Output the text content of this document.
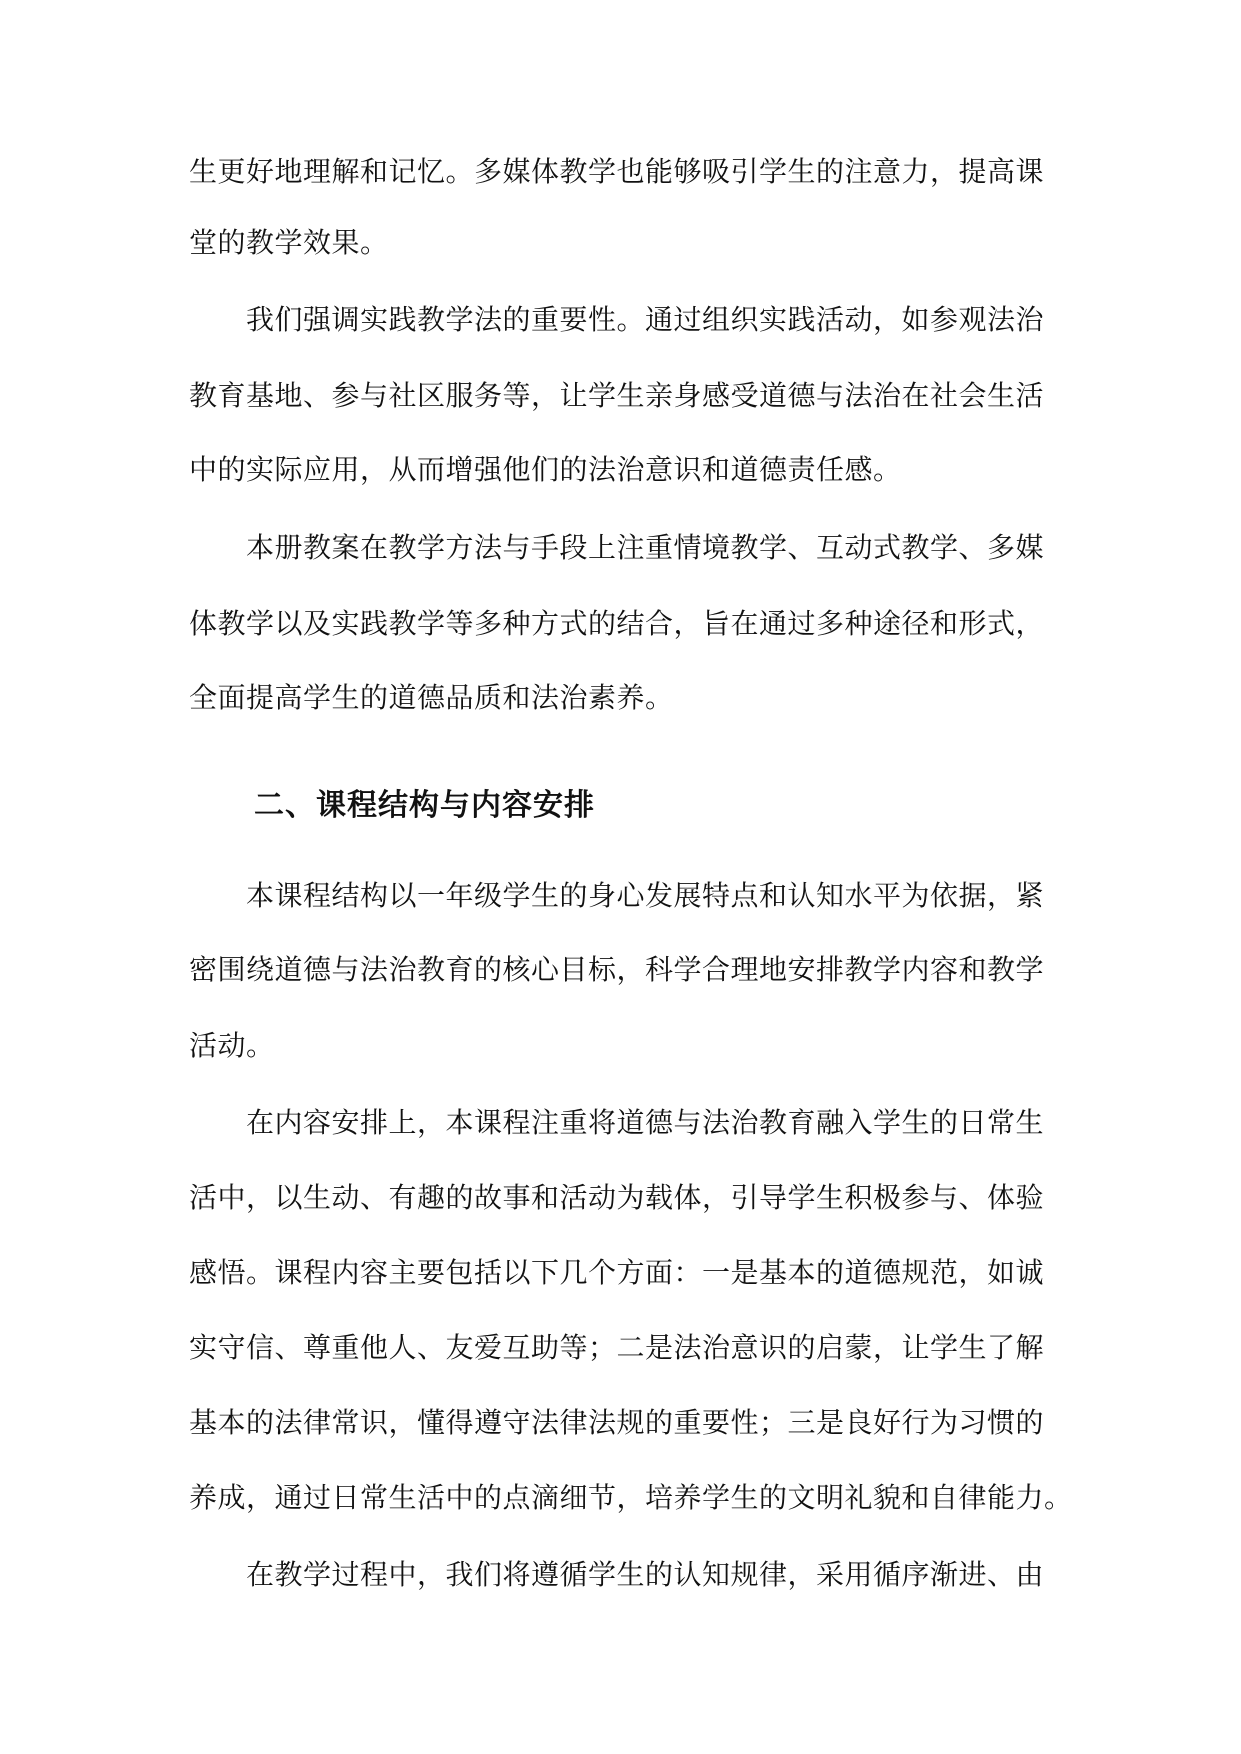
生更好地理解和记忆。多媒体教学也能够吸引学生的注意力，提高课
堂的教学效果。
我们强调实践教学法的重要性。通过组织实践活动，如参观法治
教育基地、参与社区服务等，让学生亲身感受道德与法治在社会生活
中的实际应用，从而增强他们的法治意识和道德责任感。
本册教案在教学方法与手段上注重情境教学、互动式教学、多媒
体教学以及实践教学等多种方式的结合，旨在通过多种途径和形式，
全面提高学生的道德品质和法治素养。
二、课程结构与内容安排
本课程结构以一年级学生的身心发展特点和认知水平为依据，紧
密围绕道德与法治教育的核心目标，科学合理地安排教学内容和教学
活动。
在内容安排上，本课程注重将道德与法治教育融入学生的日常生
活中，以生动、有趣的故事和活动为载体，引导学生积极参与、体验
感悟。课程内容主要包括以下几个方面：一是基本的道德规范，如诚
实守信、尊重他人、友爱互助等；二是法治意识的启蒙，让学生了解
基本的法律常识，懂得遵守法律法规的重要性；三是良好行为习惯的
养成，通过日常生活中的点滴细节，培养学生的文明礼貌和自律能力。
在教学过程中，我们将遵循学生的认知规律，采用循序渐进、由
